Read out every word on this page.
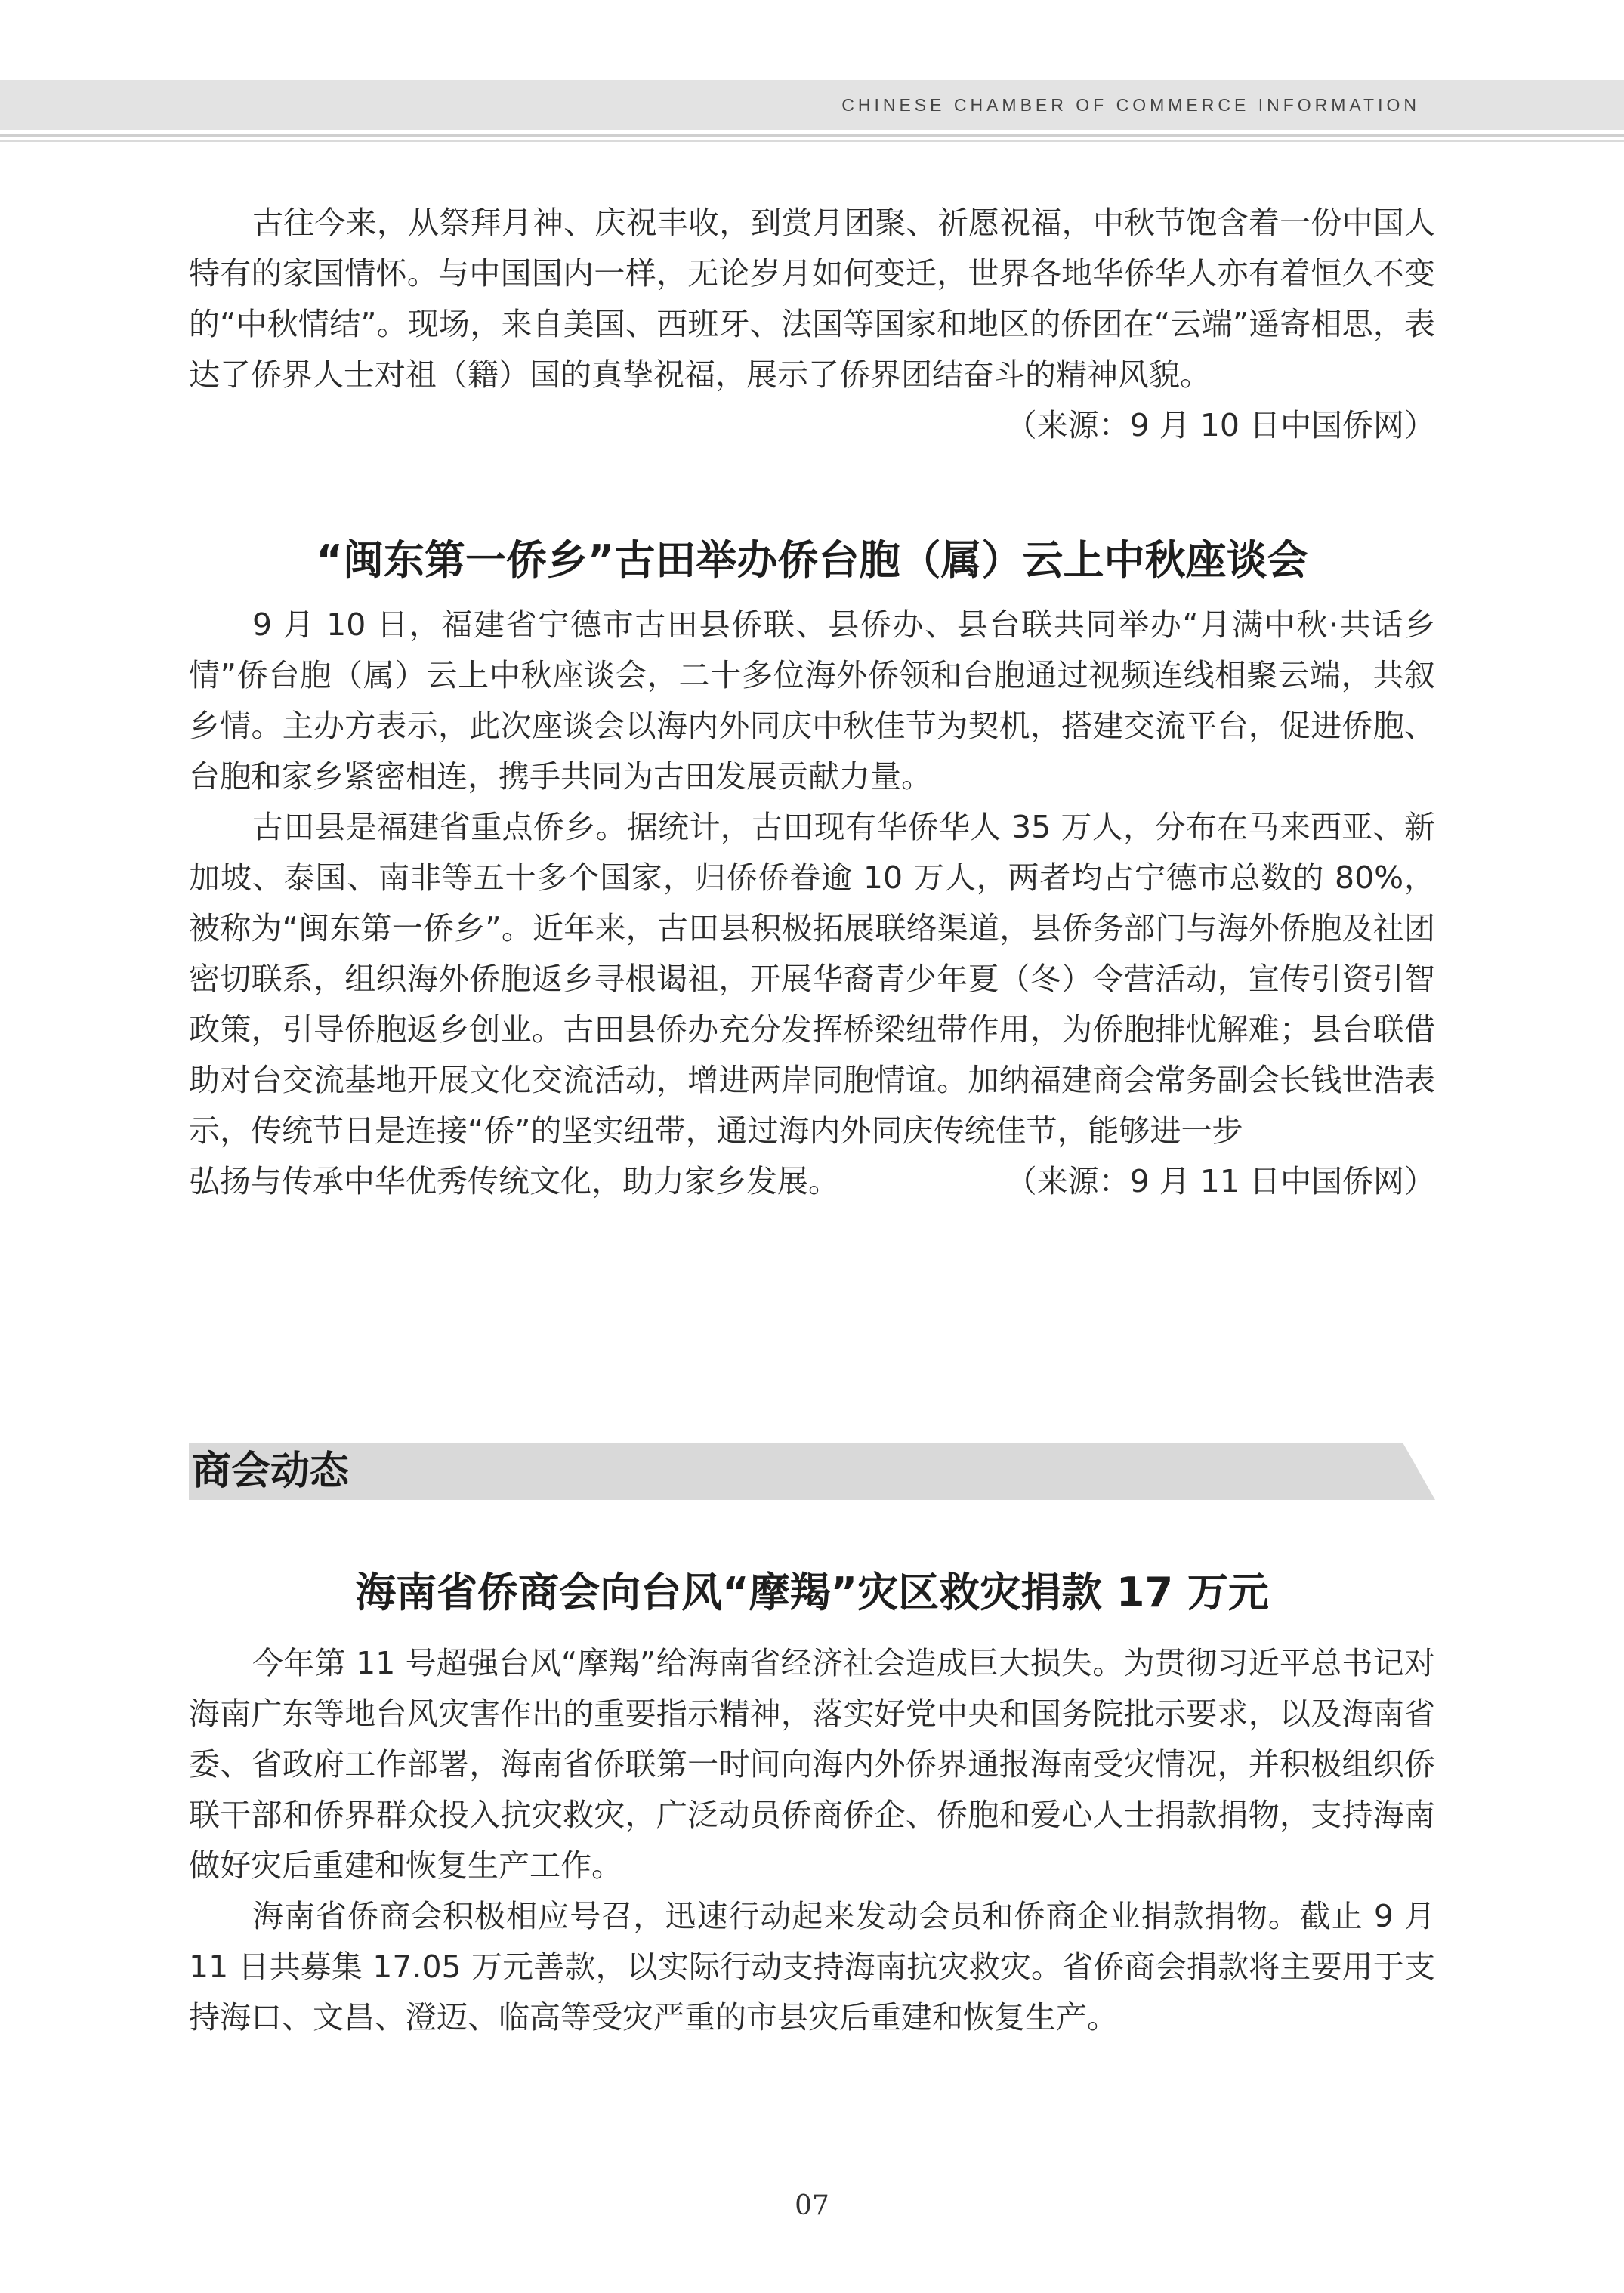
CHINESE CHAMBER OF COMMERCE INFORMATION

古往今来，从祭拜月神、庆祝丰收，到赏月团聚、祈愿祝福，中秋节饱含着一份中国人特有的家国情怀。与中国国内一样，无论岁月如何变迁，世界各地华侨华人亦有着恒久不变的“中秋情结”。现场，来自美国、西班牙、法国等国家和地区的侨团在“云端”遥寄相思，表达了侨界人士对祖（籍）国的真挚祝福，展示了侨界团结奋斗的精神风貌。

（来源：9 月 10 日中国侨网）

“闽东第一侨乡”古田举办侨台胞（属）云上中秋座谈会

9 月 10 日，福建省宁德市古田县侨联、县侨办、县台联共同举办“月满中秋·共话乡情”侨台胞（属）云上中秋座谈会，二十多位海外侨领和台胞通过视频连线相聚云端，共叙乡情。主办方表示，此次座谈会以海内外同庆中秋佳节为契机，搭建交流平台，促进侨胞、台胞和家乡紧密相连，携手共同为古田发展贡献力量。

古田县是福建省重点侨乡。据统计，古田现有华侨华人 35 万人，分布在马来西亚、新加坡、泰国、南非等五十多个国家，归侨侨眷逾 10 万人，两者均占宁德市总数的 80%，被称为“闽东第一侨乡”。近年来，古田县积极拓展联络渠道，县侨务部门与海外侨胞及社团密切联系，组织海外侨胞返乡寻根谒祖，开展华裔青少年夏（冬）令营活动，宣传引资引智政策，引导侨胞返乡创业。古田县侨办充分发挥桥梁纽带作用，为侨胞排忧解难；县台联借助对台交流基地开展文化交流活动，增进两岸同胞情谊。加纳福建商会常务副会长钱世浩表示，传统节日是连接“侨”的坚实纽带，通过海内外同庆传统佳节，能够进一步

弘扬与传承中华优秀传统文化，助力家乡发展。	（来源：9 月 11 日中国侨网）
商会动态
海南省侨商会向台风“摩羯”灾区救灾捐款 17 万元

今年第 11 号超强台风“摩羯”给海南省经济社会造成巨大损失。为贯彻习近平总书记对海南广东等地台风灾害作出的重要指示精神，落实好党中央和国务院批示要求，以及海南省委、省政府工作部署，海南省侨联第一时间向海内外侨界通报海南受灾情况，并积极组织侨联干部和侨界群众投入抗灾救灾，广泛动员侨商侨企、侨胞和爱心人士捐款捐物，支持海南做好灾后重建和恢复生产工作。

海南省侨商会积极相应号召，迅速行动起来发动会员和侨商企业捐款捐物。截止 9 月 11 日共募集 17.05 万元善款，以实际行动支持海南抗灾救灾。省侨商会捐款将主要用于支持海口、文昌、澄迈、临高等受灾严重的市县灾后重建和恢复生产。

07
